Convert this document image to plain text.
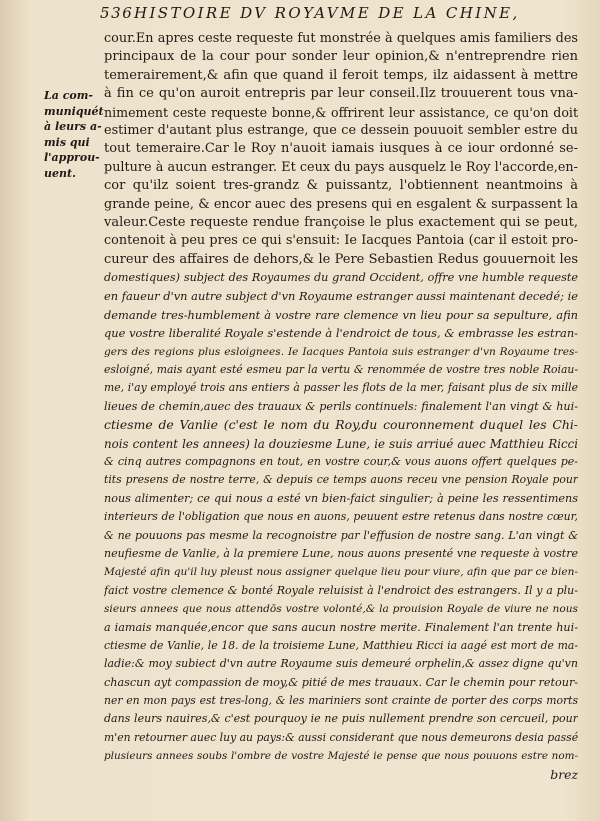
536 HISTOIRE DV ROYAVME DE LA CHINE,
La com-
muniquét
à leurs a-
mis qui
l'approu-
uent.
cour.En apres ceste requeste fut monstrée à quelques amis familiers des
principaux de la cour pour sonder leur opinion,& n'entreprendre rien
temerairement,& afin que quand il feroit temps, ilz aidassent à mettre
à fin ce qu'on auroit entrepris par leur conseil.Ilz trouuerent tous vna-
nimement ceste requeste bonne,& offrirent leur assistance, ce qu'on doit
estimer d'autant plus estrange, que ce dessein pouuoit sembler estre du
tout temeraire.Car le Roy n'auoit iamais iusques à ce iour ordonné se-
pulture à aucun estranger. Et ceux du pays ausquelz le Roy l'accorde,en-
cor qu'ilz soient tres-grandz & puissantz, l'obtiennent neantmoins à
grande peine, & encor auec des presens qui en esgalent & surpassent la
valeur.Ceste requeste rendue françoise le plus exactement qui se peut,
contenoit à peu pres ce qui s'ensuit: Ie Iacques Pantoia (car il estoit pro-
cureur des affaires de dehors,& le Pere Sebastien Redus gouuernoit les
domestiques) subject des Royaumes du grand Occident, offre vne humble requeste
en faueur d'vn autre subject d'vn Royaume estranger aussi maintenant decedé; ie
demande tres-humblement à vostre rare clemence vn lieu pour sa sepulture, afin
que vostre liberalité Royale s'estende à l'endroict de tous, & embrasse les estran-
gers des regions plus esloignees. Ie Iacques Pantoia suis estranger d'vn Royaume tres-
esloigné, mais ayant esté esmeu par la vertu & renommée de vostre tres noble Roiau-
me, i'ay employé trois ans entiers à passer les flots de la mer, faisant plus de six mille
lieues de chemin,auec des trauaux & perils continuels: finalement l'an vingt & hui-
ctiesme de Vanlie (c'est le nom du Roy,du couronnement duquel les Chi-
nois content les annees) la douziesme Lune, ie suis arriué auec Matthieu Ricci
& cinq autres compagnons en tout, en vostre cour,& vous auons offert quelques pe-
tits presens de nostre terre, & depuis ce temps auons receu vne pension Royale pour
nous alimenter; ce qui nous a esté vn bien-faict singulier; à peine les ressentimens
interieurs de l'obligation que nous en auons, peuuent estre retenus dans nostre cœur,
& ne pouuons pas mesme la recognoistre par l'effusion de nostre sang. L'an vingt &
neufiesme de Vanlie, à la premiere Lune, nous auons presenté vne requeste à vostre
Majesté afin qu'il luy pleust nous assigner quelque lieu pour viure, afin que par ce bien-
faict vostre clemence & bonté Royale reluisist à l'endroict des estrangers. Il y a plu-
sieurs annees que nous attendōs vostre volonté,& la prouision Royale de viure ne nous
a iamais manquée,encor que sans aucun nostre merite. Finalement l'an trente hui-
ctiesme de Vanlie, le 18. de la troisieme Lune, Matthieu Ricci ia aagé est mort de ma-
ladie:& moy subiect d'vn autre Royaume suis demeuré orphelin,& assez digne qu'vn
chascun ayt compassion de moy,& pitié de mes trauaux. Car le chemin pour retour-
ner en mon pays est tres-long, & les mariniers sont crainte de porter des corps morts
dans leurs nauires,& c'est pourquoy ie ne puis nullement prendre son cercueil, pour
m'en retourner auec luy au pays:& aussi considerant que nous demeurons desia passé
plusieurs annees soubs l'ombre de vostre Majesté ie pense que nous pouuons estre nom-
brez
